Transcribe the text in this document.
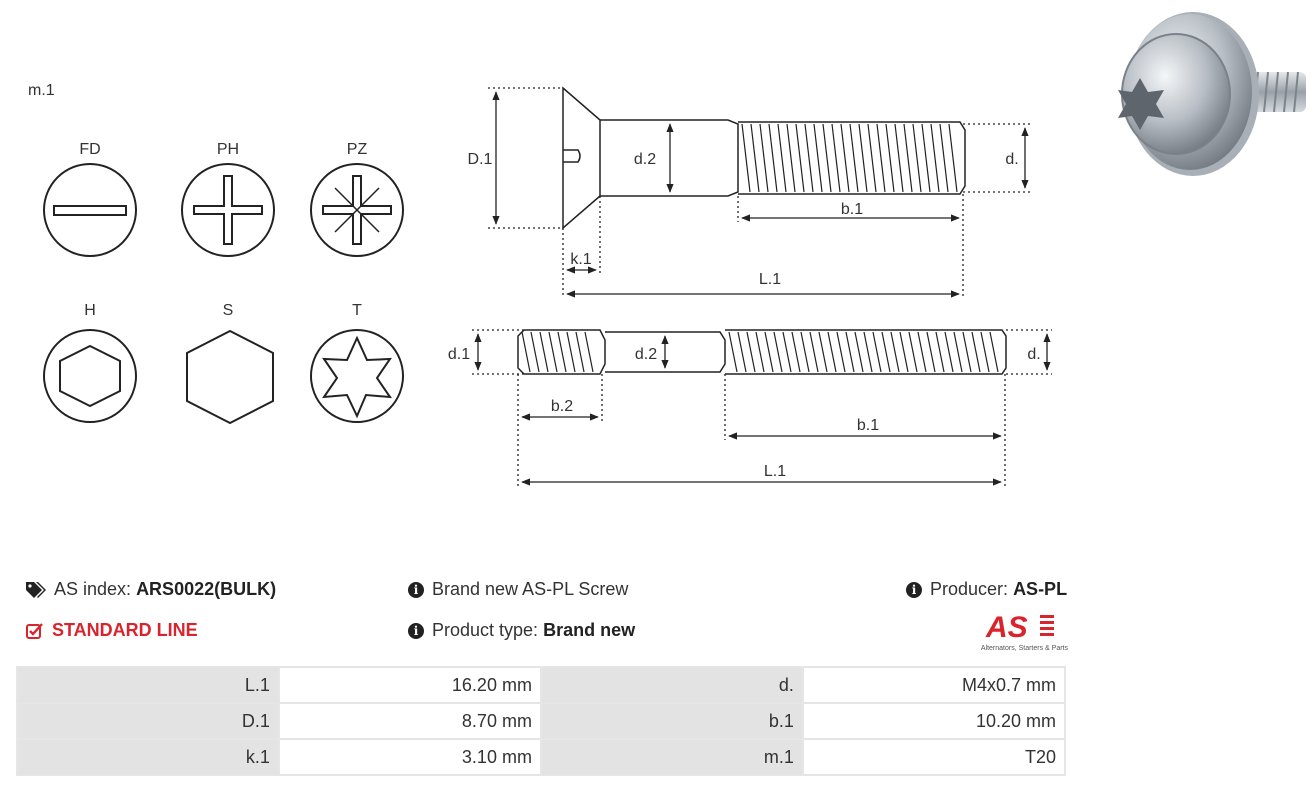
m.1
FD	PH	PZ
H	S	T
D.1	d.2	d.
b.1
k.1
L.1
d.1	d.2	d.
b.2
b.1
L.1
AS index:
ARS0022(BULK)
STANDARD LINE
i Brand new AS-PL Screw
i Product type:
Brand new
i Producer:
AS-PL
AS
Alternators, Starters & Parts
L.1	16.20 mm	d.	M4x0.7 mm
D.1	8.70 mm	b.1	10.20 mm
k.1	3.10 mm	m.1	T20
